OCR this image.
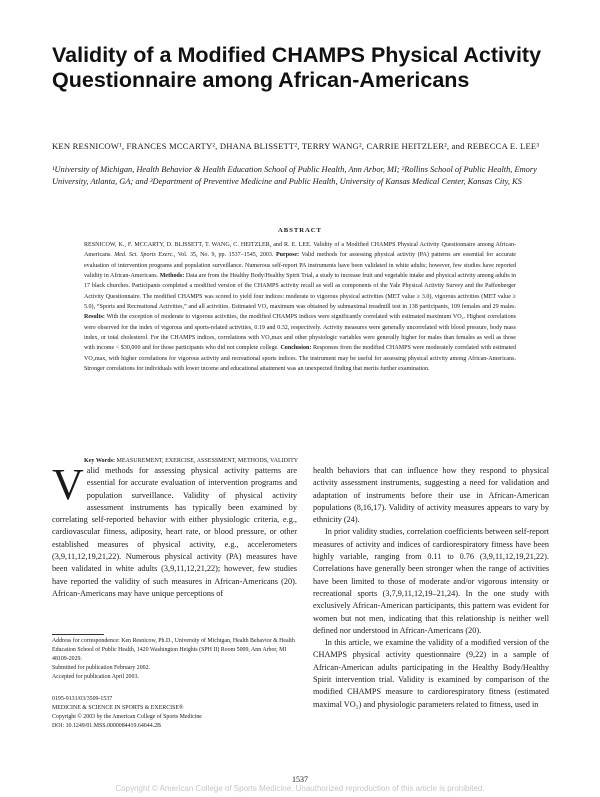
Validity of a Modified CHAMPS Physical Activity Questionnaire among African-Americans
KEN RESNICOW¹, FRANCES MCCARTY², DHANA BLISSETT², TERRY WANG², CARRIE HEITZLER², and REBECCA E. LEE³
¹University of Michigan, Health Behavior & Health Education School of Public Health, Ann Arbor, MI; ²Rollins School of Public Health, Emory University, Atlanta, GA; and ³Department of Preventive Medicine and Public Health, University of Kansas Medical Center, Kansas City, KS
ABSTRACT

RESNICOW, K., F. MCCARTY, D. BLISSETT, T. WANG, C. HEITZLER, and R. E. LEE. Validity of a Modified CHAMPS Physical Activity Questionnaire among African-Americans. Med. Sci. Sports Exerc., Vol. 35, No. 9, pp. 1537–1545, 2003. Purpose: Valid methods for assessing physical activity (PA) patterns are essential for accurate evaluation of intervention programs and population surveillance. Numerous self-report PA instruments have been validated in white adults; however, few studies have reported validity in African-Americans. Methods: Data are from the Healthy Body/Healthy Spirit Trial, a study to increase fruit and vegetable intake and physical activity among adults in 17 black churches. Participants completed a modified version of the CHAMPS activity recall as well as components of the Yale Physical Activity Survey and the Paffenberger Activity Questionnaire. The modified CHAMPS was scored to yield four indices: moderate to vigorous physical activities (MET value ≥ 3.0), vigorous activities (MET value ≥ 5.0), “Sports and Recreational Activities,” and all activities. Estimated VO₂ maximum was obtained by submaximal treadmill test in 138 participants, 109 females and 29 males. Results: With the exception of moderate to vigorous activities, the modified CHAMPS indices were significantly correlated with estimated maximum VO₂. Highest correlations were observed for the index of vigorous and sports-related activities, 0.19 and 0.32, respectively. Activity measures were generally uncorrelated with blood pressure, body mass index, or total cholesterol. For the CHAMPS indices, correlations with VO₂max and other physiologic variables were generally higher for males than females as well as those with income < $30,000 and for those participants who did not complete college. Conclusion: Responses from the modified CHAMPS were moderately correlated with estimated VO₂max, with higher correlations for vigorous activity and recreational sports indices. The instrument may be useful for assessing physical activity among African-Americans. Stronger correlations for individuals with lower income and educational attainment was an unexpected finding that merits further examination.

Key Words: MEASUREMENT, EXERCISE, ASSESSMENT, METHODS, VALIDITY

Valid methods for assessing physical activity patterns are essential for accurate evaluation of intervention programs and population surveillance. Validity of physical activity assessment instruments has typically been examined by correlating self-reported behavior with either physiologic criteria, e.g., cardiovascular fitness, adiposity, heart rate, or blood pressure, or other established measures of physical activity, e.g., accelerometers (3,9,11,12,19,21,22). Numerous physical activity (PA) measures have been validated in white adults (3,9,11,12,21,22); however, few studies have reported the validity of such measures in African-Americans (20). African-Americans may have unique perceptions of

health behaviors that can influence how they respond to physical activity assessment instruments, suggesting a need for validation and adaptation of instruments before their use in African-American populations (8,16,17). Validity of activity measures appears to vary by ethnicity (24).

In prior validity studies, correlation coefficients between self-report measures of activity and indices of cardiorespiratory fitness have been highly variable, ranging from 0.11 to 0.76 (3,9,11,12,19,21,22). Correlations have generally been stronger when the range of activities have been limited to those of moderate and/or vigorous intensity or recreational sports (3,7,9,11,12,19–21,24). In the one study with exclusively African-American participants, this pattern was evident for women but not men, indicating that this relationship is neither well defined nor understood in African-Americans (20).

In this article, we examine the validity of a modified version of the CHAMPS physical activity questionnaire (9,22) in a sample of African-American adults participating in the Healthy Body/Healthy Spirit intervention trial. Validity is examined by comparison of the modified CHAMPS measure to cardiorespiratory fitness (estimated maximal VO₂) and physiologic parameters related to fitness, used in

Address for correspondence: Ken Resnicow, Ph.D., University of Michigan, Health Behavior & Health Education School of Public Health, 1420 Washington Heights (SPH II) Room 5009, Ann Arbor, MI 48109-2029.
Submitted for publication February 2002.
Accepted for publication April 2003.
0195-9131/03/3509-1537
MEDICINE & SCIENCE IN SPORTS & EXERCISE®
Copyright © 2003 by the American College of Sports Medicine
DOI: 10.1249/01.MSS.0000084419.64044.2B
1537
Copyright © American College of Sports Medicine. Unauthorized reproduction of this article is prohibited.
